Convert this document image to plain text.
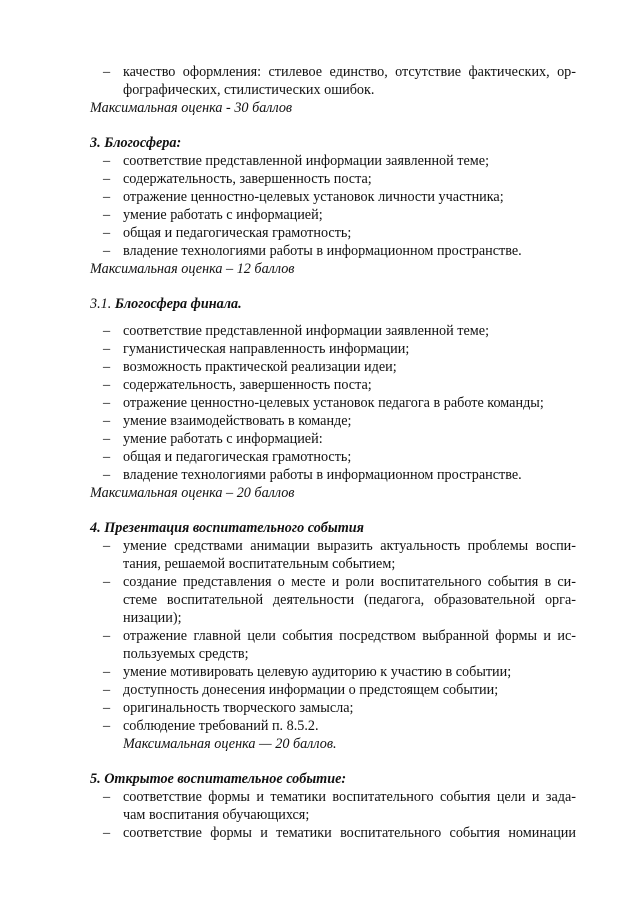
– качество оформления: стилевое единство, отсутствие фактических, ор-
фографических, стилистических ошибок.
Максимальная оценка - 30 баллов
3. Блогосфера:
– соответствие представленной информации заявленной теме;
– содержательность, завершенность поста;
– отражение ценностно-целевых установок личности участника;
– умение работать с информацией;
– общая и педагогическая грамотность;
– владение технологиями работы в информационном пространстве.
Максимальная оценка – 12 баллов
3.1. Блогосфера финала.
– соответствие представленной информации заявленной теме;
– гуманистическая направленность информации;
– возможность практической реализации идеи;
– содержательность, завершенность поста;
– отражение ценностно-целевых установок педагога в работе команды;
– умение взаимодействовать в команде;
– умение работать с информацией:
– общая и педагогическая грамотность;
– владение технологиями работы в информационном пространстве.
Максимальная оценка – 20 баллов
4. Презентация воспитательного события
– умение средствами анимации выразить актуальность проблемы воспи-
тания, решаемой воспитательным событием;
– создание представления о месте и роли воспитательного события в си-
стеме воспитательной деятельности (педагога, образовательной орга-
низации);
– отражение главной цели события посредством выбранной формы и ис-
пользуемых средств;
– умение мотивировать целевую аудиторию к участию в событии;
– доступность донесения информации о предстоящем событии;
– оригинальность творческого замысла;
– соблюдение требований п. 8.5.2.
Максимальная оценка — 20 баллов.
5. Открытое воспитательное событие:
– соответствие формы и тематики воспитательного события цели и зада-
чам воспитания обучающихся;
– соответствие формы и тематики воспитательного события номинации
